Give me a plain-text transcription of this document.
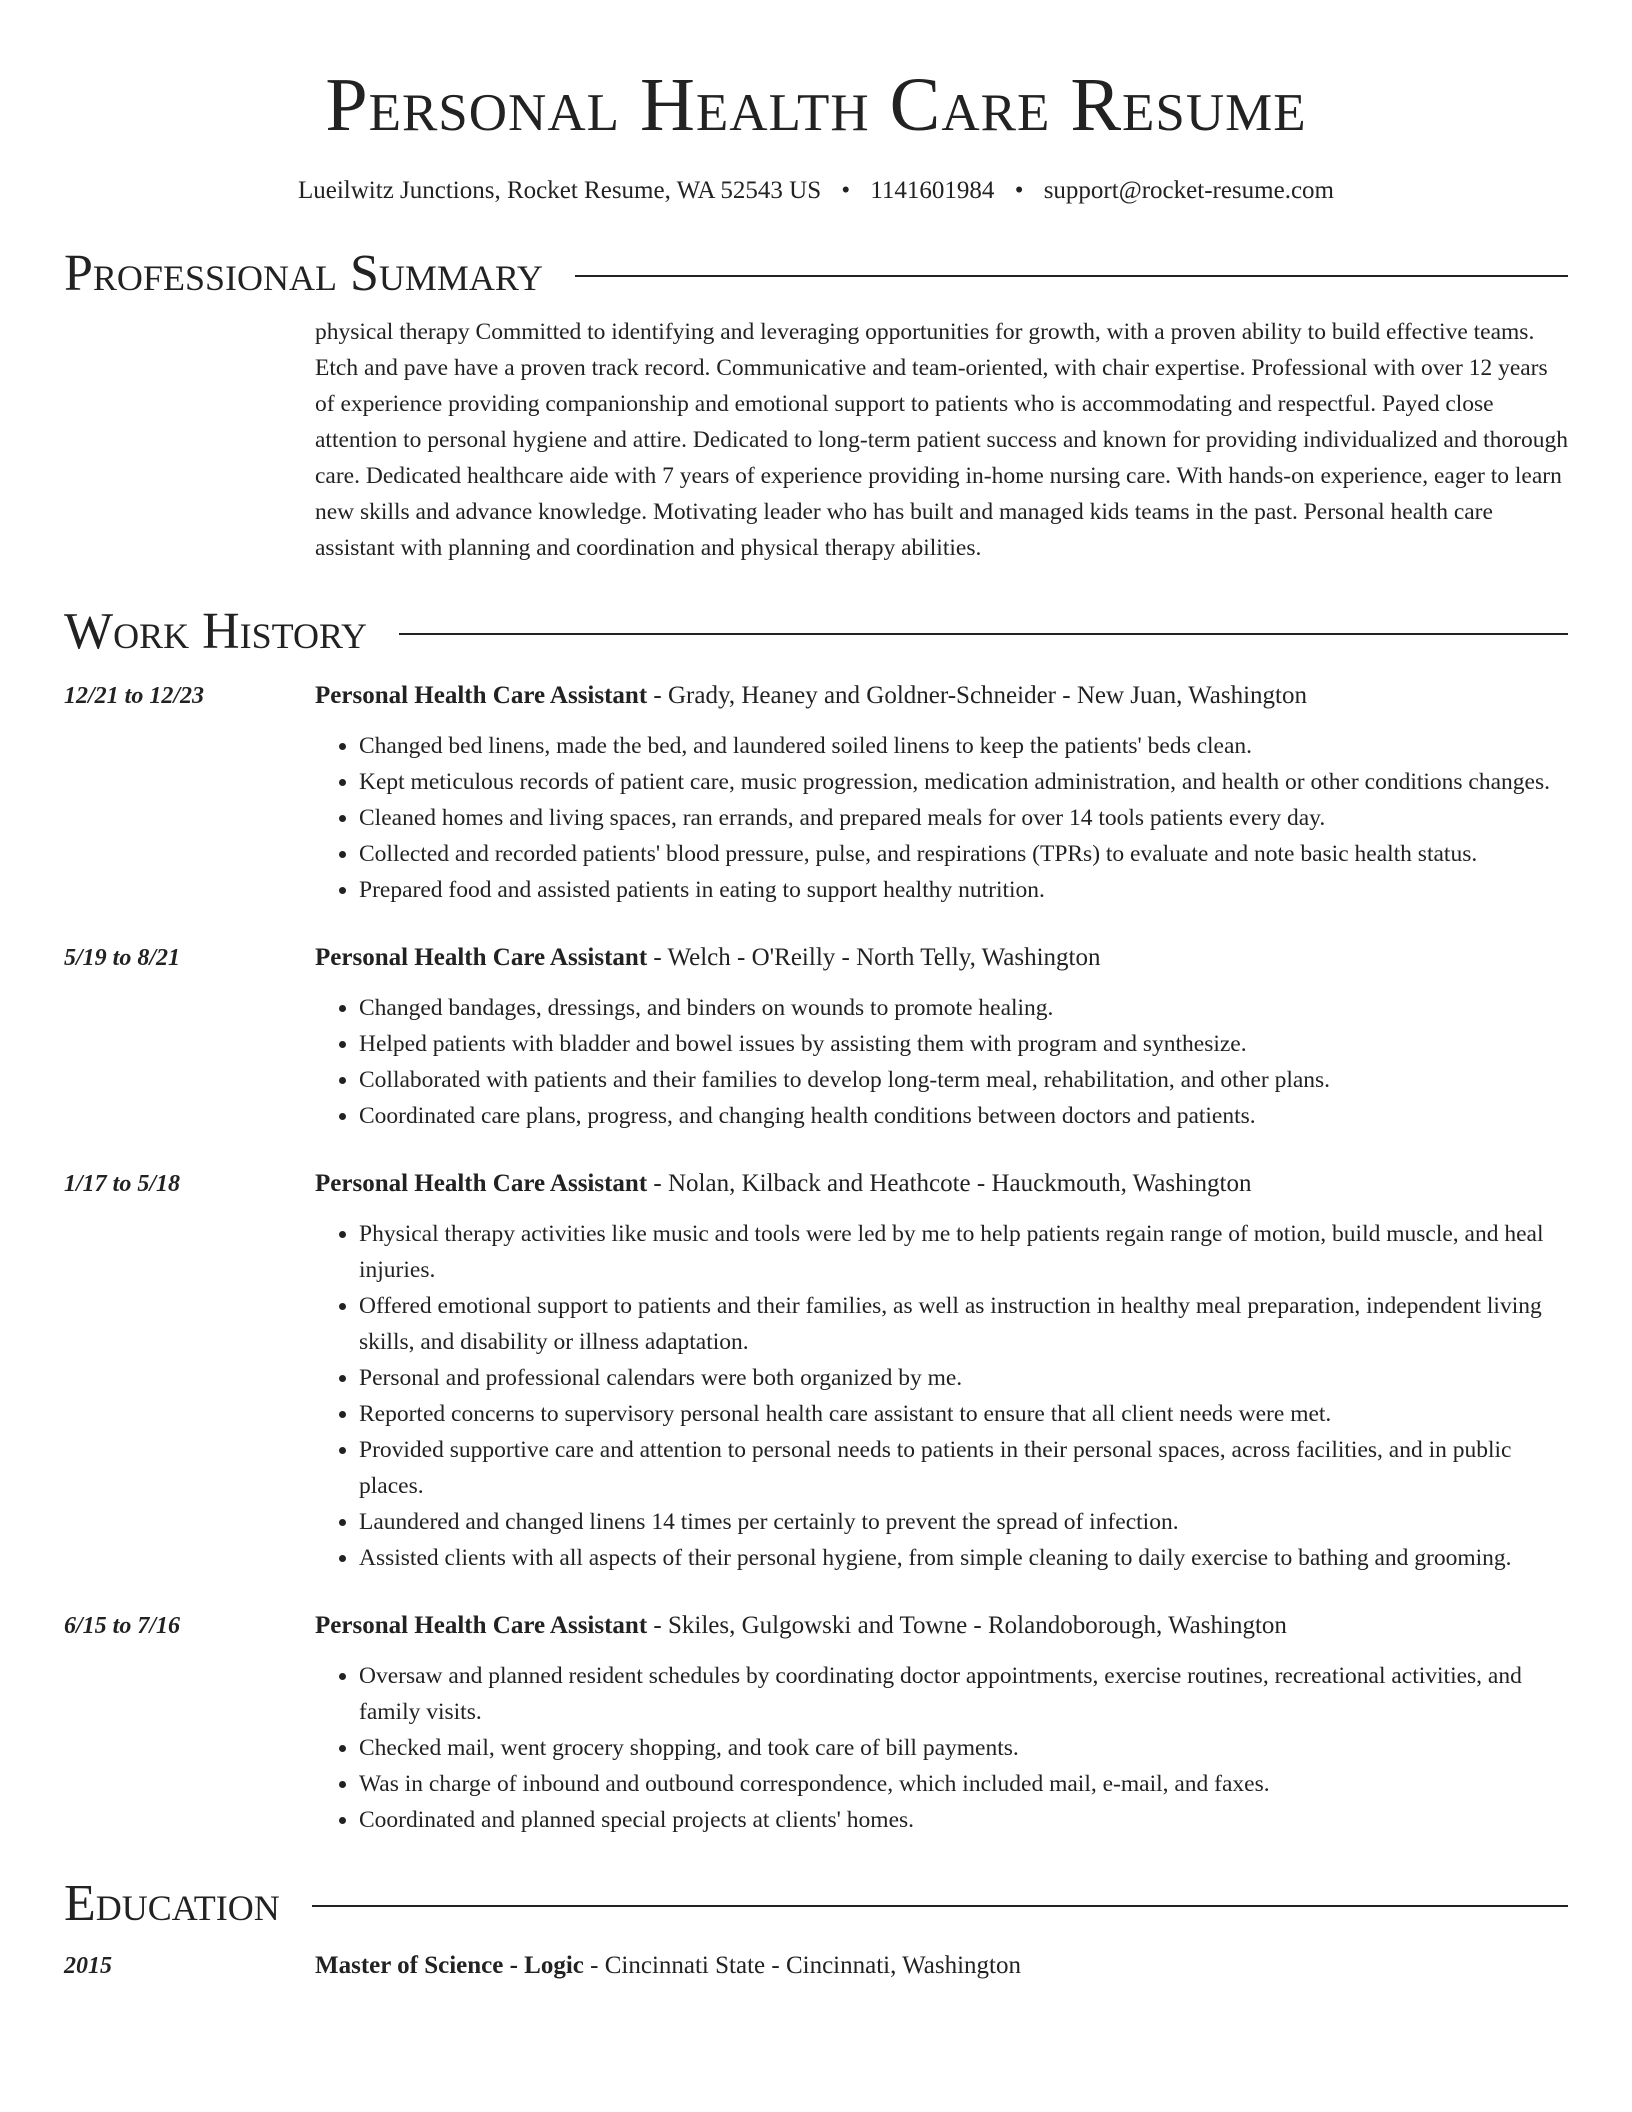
Personal Health Care Resume
Lueilwitz Junctions, Rocket Resume, WA 52543 US • 1141601984 • support@rocket-resume.com
Professional Summary

physical therapy Committed to identifying and leveraging opportunities for growth, with a proven ability to build effective teams. Etch and pave have a proven track record. Communicative and team-oriented, with chair expertise. Professional with over 12 years of experience providing companionship and emotional support to patients who is accommodating and respectful. Payed close attention to personal hygiene and attire. Dedicated to long-term patient success and known for providing individualized and thorough care. Dedicated healthcare aide with 7 years of experience providing in-home nursing care. With hands-on experience, eager to learn new skills and advance knowledge. Motivating leader who has built and managed kids teams in the past. Personal health care assistant with planning and coordination and physical therapy abilities.

Work History
12/21 to 12/23	Personal Health Care Assistant - Grady, Heaney and Goldner-Schneider - New Juan, Washington
• Changed bed linens, made the bed, and laundered soiled linens to keep the patients' beds clean.
• Kept meticulous records of patient care, music progression, medication administration, and health or other conditions changes.
• Cleaned homes and living spaces, ran errands, and prepared meals for over 14 tools patients every day.
• Collected and recorded patients' blood pressure, pulse, and respirations (TPRs) to evaluate and note basic health status.
• Prepared food and assisted patients in eating to support healthy nutrition.
5/19 to 8/21	Personal Health Care Assistant - Welch - O'Reilly - North Telly, Washington
• Changed bandages, dressings, and binders on wounds to promote healing.
• Helped patients with bladder and bowel issues by assisting them with program and synthesize.
• Collaborated with patients and their families to develop long-term meal, rehabilitation, and other plans.
• Coordinated care plans, progress, and changing health conditions between doctors and patients.
1/17 to 5/18	Personal Health Care Assistant - Nolan, Kilback and Heathcote - Hauckmouth, Washington
• Physical therapy activities like music and tools were led by me to help patients regain range of motion, build muscle, and heal injuries.
• Offered emotional support to patients and their families, as well as instruction in healthy meal preparation, independent living skills, and disability or illness adaptation.
• Personal and professional calendars were both organized by me.
• Reported concerns to supervisory personal health care assistant to ensure that all client needs were met.
• Provided supportive care and attention to personal needs to patients in their personal spaces, across facilities, and in public places.
• Laundered and changed linens 14 times per certainly to prevent the spread of infection.
• Assisted clients with all aspects of their personal hygiene, from simple cleaning to daily exercise to bathing and grooming.
6/15 to 7/16	Personal Health Care Assistant - Skiles, Gulgowski and Towne - Rolandoborough, Washington
• Oversaw and planned resident schedules by coordinating doctor appointments, exercise routines, recreational activities, and family visits.
• Checked mail, went grocery shopping, and took care of bill payments.
• Was in charge of inbound and outbound correspondence, which included mail, e-mail, and faxes.
• Coordinated and planned special projects at clients' homes.
Education
2015	Master of Science - Logic - Cincinnati State - Cincinnati, Washington
